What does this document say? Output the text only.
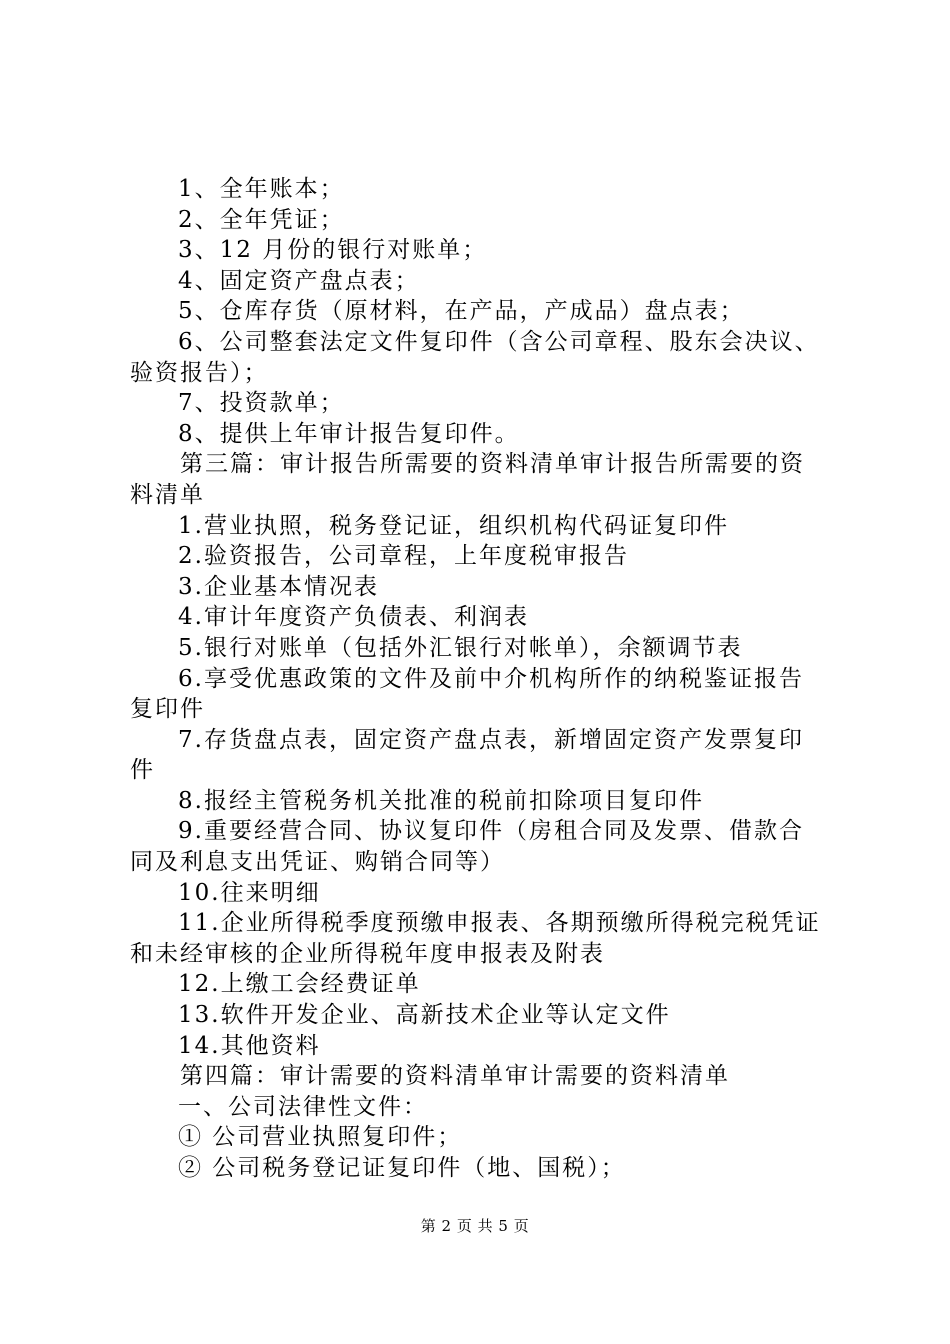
1、全年账本；
2、全年凭证；
3、12 月份的银行对账单；
4、固定资产盘点表；
5、仓库存货（原材料，在产品，产成品）盘点表；
6、公司整套法定文件复印件（含公司章程、股东会决议、
验资报告）；
7、投资款单；
8、提供上年审计报告复印件。
第三篇：审计报告所需要的资料清单审计报告所需要的资
料清单
1.营业执照，税务登记证，组织机构代码证复印件
2.验资报告，公司章程，上年度税审报告
3.企业基本情况表
4.审计年度资产负债表、利润表
5.银行对账单（包括外汇银行对帐单），余额调节表
6.享受优惠政策的文件及前中介机构所作的纳税鉴证报告
复印件
7.存货盘点表，固定资产盘点表，新增固定资产发票复印
件
8.报经主管税务机关批准的税前扣除项目复印件
9.重要经营合同、协议复印件（房租合同及发票、借款合
同及利息支出凭证、购销合同等）
10.往来明细
11.企业所得税季度预缴申报表、各期预缴所得税完税凭证
和未经审核的企业所得税年度申报表及附表
12.上缴工会经费证单
13.软件开发企业、高新技术企业等认定文件
14.其他资料
第四篇：审计需要的资料清单审计需要的资料清单
一、公司法律性文件：
① 公司营业执照复印件；
② 公司税务登记证复印件（地、国税）；
第 2 页 共 5 页
